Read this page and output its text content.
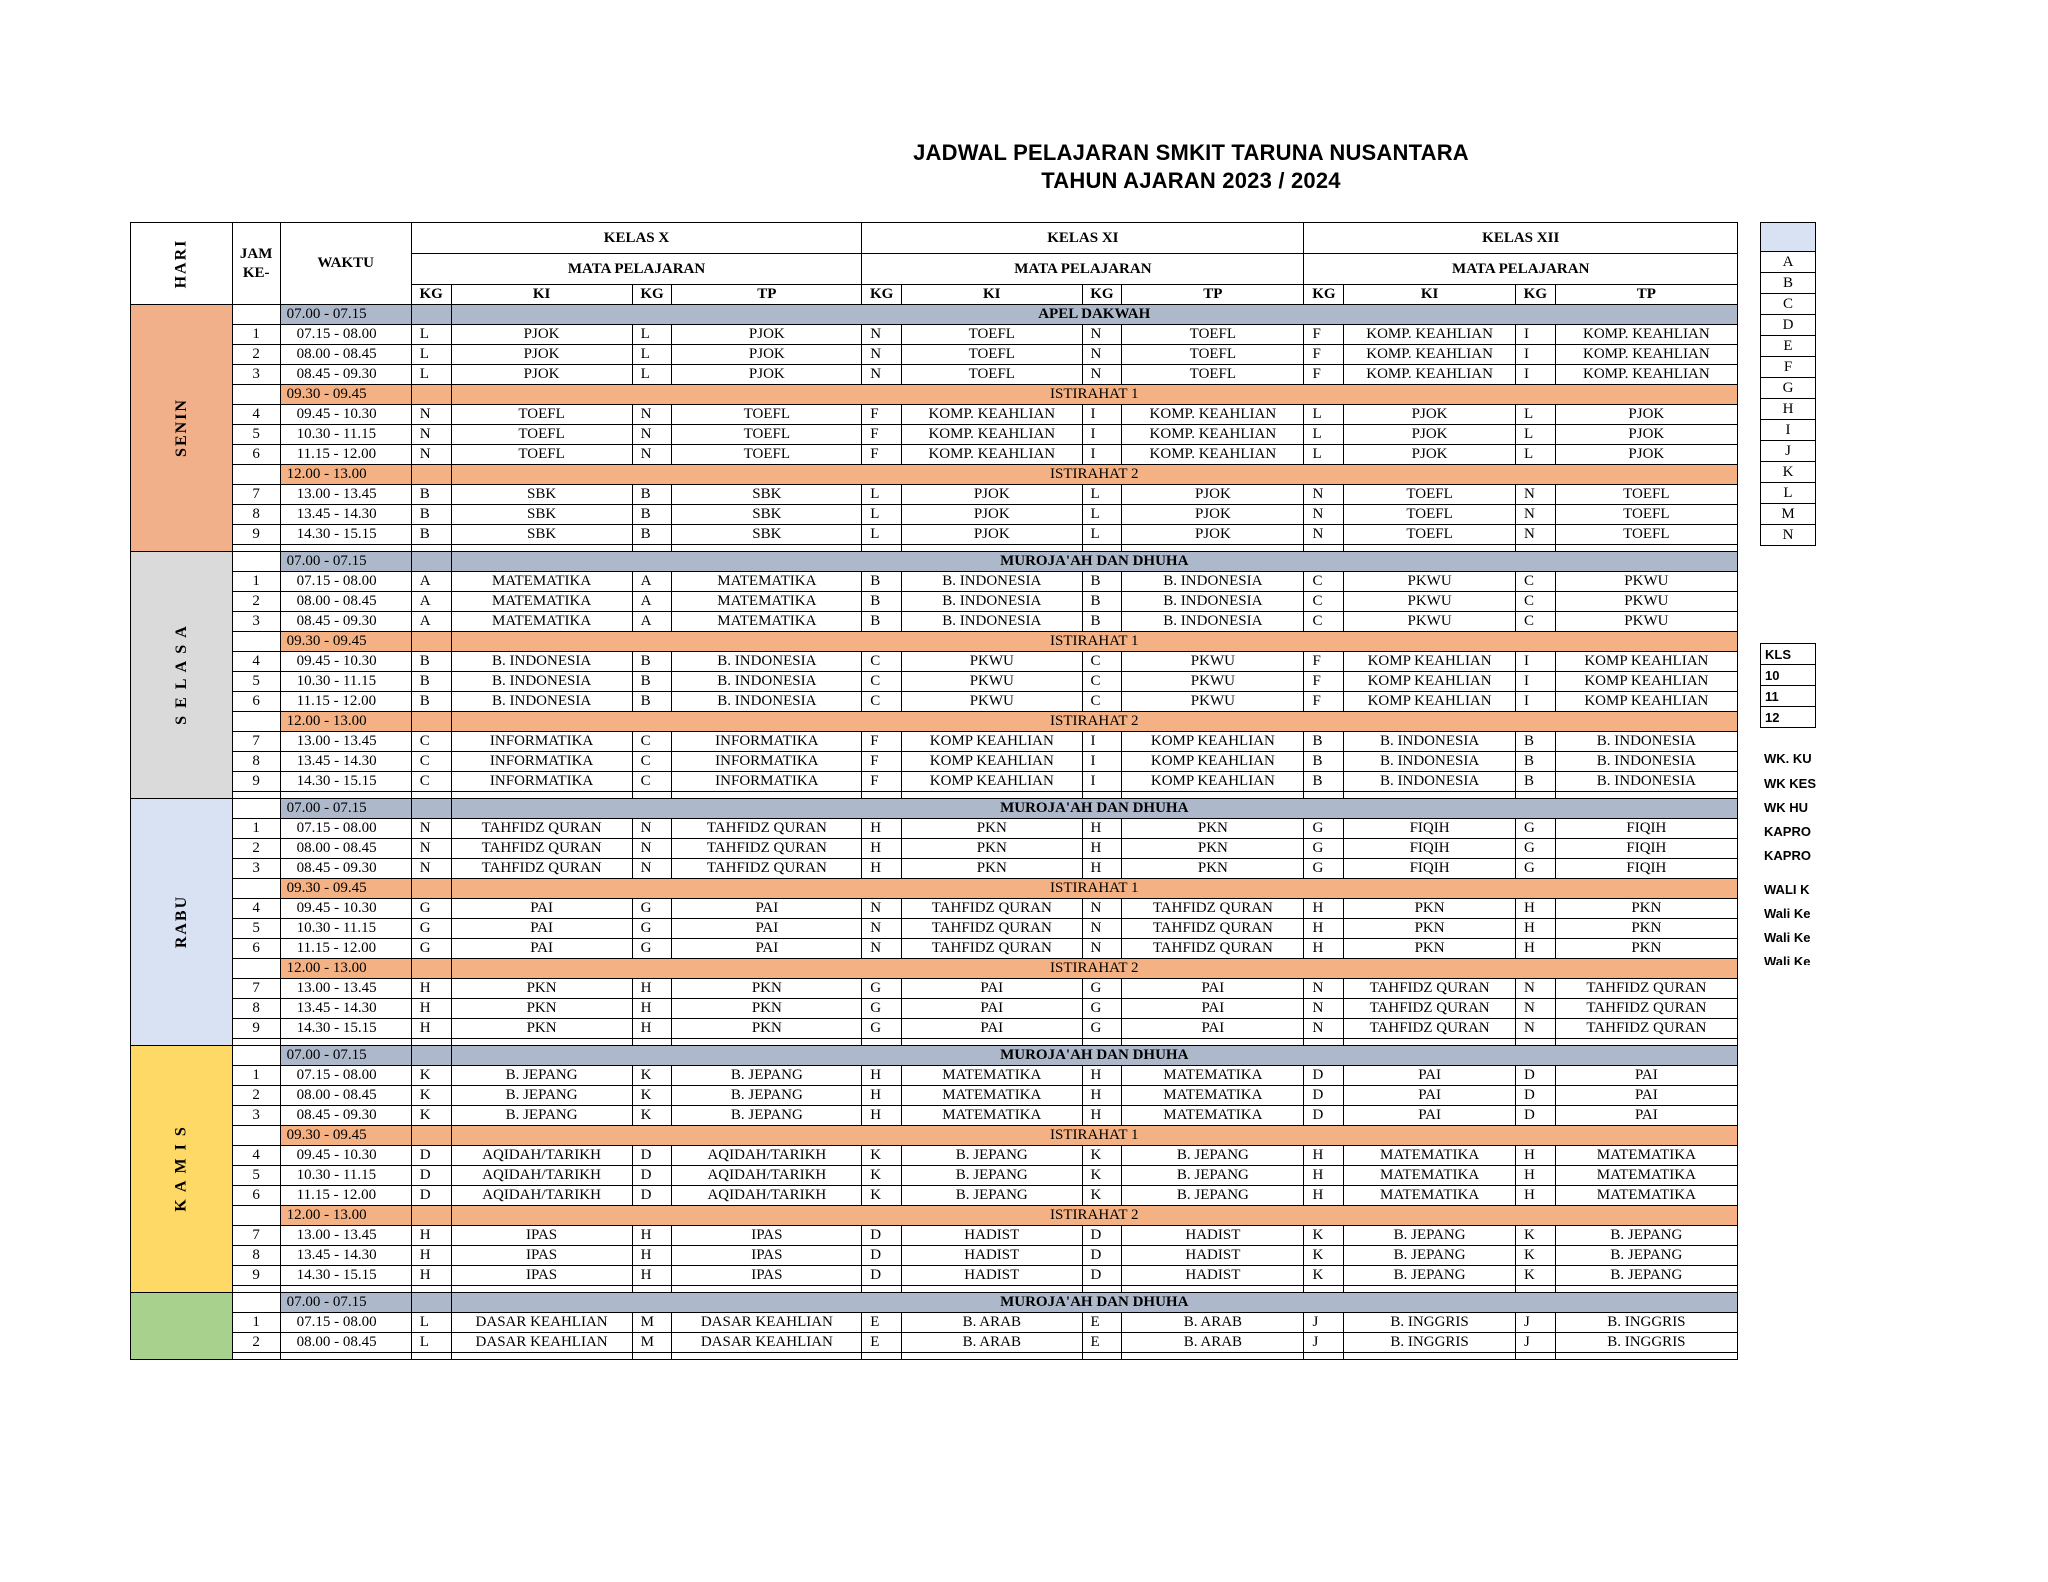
JADWAL PELAJARAN SMKIT TARUNA NUSANTARA
TAHUN AJARAN 2023 / 2024
HARI	JAM KE-	WAKTU	KELAS X				KELAS XI				KELAS XII			
			MATA PELAJARAN				MATA PELAJARAN				MATA PELAJARAN			
			KG	KI	KG	TP	KG	KI	KG	TP	KG	KI	KG	TP
SENIN		07.00 - 07.15		APEL DAKWAH										
	1	07.15 - 08.00	L	PJOK	L	PJOK	N	TOEFL	N	TOEFL	F	KOMP. KEAHLIAN	I	KOMP. KEAHLIAN
	2	08.00 - 08.45	L	PJOK	L	PJOK	N	TOEFL	N	TOEFL	F	KOMP. KEAHLIAN	I	KOMP. KEAHLIAN
	3	08.45 - 09.30	L	PJOK	L	PJOK	N	TOEFL	N	TOEFL	F	KOMP. KEAHLIAN	I	KOMP. KEAHLIAN
		09.30 - 09.45		ISTIRAHAT 1										
	4	09.45 - 10.30	N	TOEFL	N	TOEFL	F	KOMP. KEAHLIAN	I	KOMP. KEAHLIAN	L	PJOK	L	PJOK
	5	10.30 - 11.15	N	TOEFL	N	TOEFL	F	KOMP. KEAHLIAN	I	KOMP. KEAHLIAN	L	PJOK	L	PJOK
	6	11.15 - 12.00	N	TOEFL	N	TOEFL	F	KOMP. KEAHLIAN	I	KOMP. KEAHLIAN	L	PJOK	L	PJOK
		12.00 - 13.00		ISTIRAHAT 2										
	7	13.00 - 13.45	B	SBK	B	SBK	L	PJOK	L	PJOK	N	TOEFL	N	TOEFL
	8	13.45 - 14.30	B	SBK	B	SBK	L	PJOK	L	PJOK	N	TOEFL	N	TOEFL
	9	14.30 - 15.15	B	SBK	B	SBK	L	PJOK	L	PJOK	N	TOEFL	N	TOEFL

S E L A S A		07.00 - 07.15		MUROJA'AH DAN DHUHA										
	1	07.15 - 08.00	A	MATEMATIKA	A	MATEMATIKA	B	B. INDONESIA	B	B. INDONESIA	C	PKWU	C	PKWU
	2	08.00 - 08.45	A	MATEMATIKA	A	MATEMATIKA	B	B. INDONESIA	B	B. INDONESIA	C	PKWU	C	PKWU
	3	08.45 - 09.30	A	MATEMATIKA	A	MATEMATIKA	B	B. INDONESIA	B	B. INDONESIA	C	PKWU	C	PKWU
		09.30 - 09.45		ISTIRAHAT 1										
	4	09.45 - 10.30	B	B. INDONESIA	B	B. INDONESIA	C	PKWU	C	PKWU	F	KOMP KEAHLIAN	I	KOMP KEAHLIAN
	5	10.30 - 11.15	B	B. INDONESIA	B	B. INDONESIA	C	PKWU	C	PKWU	F	KOMP KEAHLIAN	I	KOMP KEAHLIAN
	6	11.15 - 12.00	B	B. INDONESIA	B	B. INDONESIA	C	PKWU	C	PKWU	F	KOMP KEAHLIAN	I	KOMP KEAHLIAN
		12.00 - 13.00		ISTIRAHAT 2										
	7	13.00 - 13.45	C	INFORMATIKA	C	INFORMATIKA	F	KOMP KEAHLIAN	I	KOMP KEAHLIAN	B	B. INDONESIA	B	B. INDONESIA
	8	13.45 - 14.30	C	INFORMATIKA	C	INFORMATIKA	F	KOMP KEAHLIAN	I	KOMP KEAHLIAN	B	B. INDONESIA	B	B. INDONESIA
	9	14.30 - 15.15	C	INFORMATIKA	C	INFORMATIKA	F	KOMP KEAHLIAN	I	KOMP KEAHLIAN	B	B. INDONESIA	B	B. INDONESIA

RABU		07.00 - 07.15		MUROJA'AH DAN DHUHA										
	1	07.15 - 08.00	N	TAHFIDZ QURAN	N	TAHFIDZ QURAN	H	PKN	H	PKN	G	FIQIH	G	FIQIH
	2	08.00 - 08.45	N	TAHFIDZ QURAN	N	TAHFIDZ QURAN	H	PKN	H	PKN	G	FIQIH	G	FIQIH
	3	08.45 - 09.30	N	TAHFIDZ QURAN	N	TAHFIDZ QURAN	H	PKN	H	PKN	G	FIQIH	G	FIQIH
		09.30 - 09.45		ISTIRAHAT 1										
	4	09.45 - 10.30	G	PAI	G	PAI	N	TAHFIDZ QURAN	N	TAHFIDZ QURAN	H	PKN	H	PKN
	5	10.30 - 11.15	G	PAI	G	PAI	N	TAHFIDZ QURAN	N	TAHFIDZ QURAN	H	PKN	H	PKN
	6	11.15 - 12.00	G	PAI	G	PAI	N	TAHFIDZ QURAN	N	TAHFIDZ QURAN	H	PKN	H	PKN
		12.00 - 13.00		ISTIRAHAT 2										
	7	13.00 - 13.45	H	PKN	H	PKN	G	PAI	G	PAI	N	TAHFIDZ QURAN	N	TAHFIDZ QURAN
	8	13.45 - 14.30	H	PKN	H	PKN	G	PAI	G	PAI	N	TAHFIDZ QURAN	N	TAHFIDZ QURAN
	9	14.30 - 15.15	H	PKN	H	PKN	G	PAI	G	PAI	N	TAHFIDZ QURAN	N	TAHFIDZ QURAN

K A M I S		07.00 - 07.15		MUROJA'AH DAN DHUHA										
	1	07.15 - 08.00	K	B. JEPANG	K	B. JEPANG	H	MATEMATIKA	H	MATEMATIKA	D	PAI	D	PAI
	2	08.00 - 08.45	K	B. JEPANG	K	B. JEPANG	H	MATEMATIKA	H	MATEMATIKA	D	PAI	D	PAI
	3	08.45 - 09.30	K	B. JEPANG	K	B. JEPANG	H	MATEMATIKA	H	MATEMATIKA	D	PAI	D	PAI
		09.30 - 09.45		ISTIRAHAT 1										
	4	09.45 - 10.30	D	AQIDAH/TARIKH	D	AQIDAH/TARIKH	K	B. JEPANG	K	B. JEPANG	H	MATEMATIKA	H	MATEMATIKA
	5	10.30 - 11.15	D	AQIDAH/TARIKH	D	AQIDAH/TARIKH	K	B. JEPANG	K	B. JEPANG	H	MATEMATIKA	H	MATEMATIKA
	6	11.15 - 12.00	D	AQIDAH/TARIKH	D	AQIDAH/TARIKH	K	B. JEPANG	K	B. JEPANG	H	MATEMATIKA	H	MATEMATIKA
		12.00 - 13.00		ISTIRAHAT 2										
	7	13.00 - 13.45	H	IPAS	H	IPAS	D	HADIST	D	HADIST	K	B. JEPANG	K	B. JEPANG
	8	13.45 - 14.30	H	IPAS	H	IPAS	D	HADIST	D	HADIST	K	B. JEPANG	K	B. JEPANG
	9	14.30 - 15.15	H	IPAS	H	IPAS	D	HADIST	D	HADIST	K	B. JEPANG	K	B. JEPANG

		07.00 - 07.15		MUROJA'AH DAN DHUHA										
	1	07.15 - 08.00	L	DASAR KEAHLIAN	M	DASAR KEAHLIAN	E	B. ARAB	E	B. ARAB	J	B. INGGRIS	J	B. INGGRIS
	2	08.00 - 08.45	L	DASAR KEAHLIAN	M	DASAR KEAHLIAN	E	B. ARAB	E	B. ARAB	J	B. INGGRIS	J	B. INGGRIS

A
B
C
D
E
F
G
H
I
J
K
L
M
N
KLS
10
11
12
WK. KU
WK KES
WK HU
KAPRO
KAPRO
WALI K
Wali Ke
Wali Ke
Wali Ke
